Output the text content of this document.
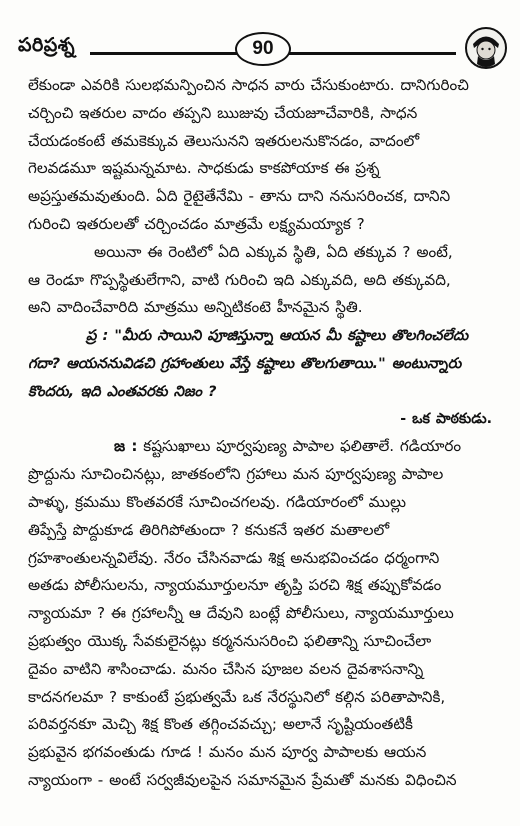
పరిప్రశ్న	90
లేకుండా ఎవరికి సులభమన్పించిన సాధన వారు చేసుకుంటారు. దానిగురించి
చర్చించి ఇతరుల వాదం తప్పని ఋజువు చేయజూచేవారికి, సాధన
చేయడంకంటే తమకెక్కువ తెలుసునని ఇతరులనుకొనడం, వాదంలో
గెలవడమూ ఇష్టమన్నమాట. సాధకుడు కాకపోయాక ఈ ప్రశ్న
అప్రస్తుతమవుతుంది. ఏది రైటైతేనేమి - తాను దాని ననుసరించక, దానిని
గురించి ఇతరులతో చర్చించడం మాత్రమే లక్ష్యమయ్యాక ?
అయినా ఈ రెంటిలో ఏది ఎక్కువ స్థితి, ఏది తక్కువ ? అంటే,
ఆ రెండూ గొప్పస్థితులేగాని, వాటి గురించి ఇది ఎక్కువది, అది తక్కువది,
అని వాదించేవారిది మాత్రము అన్నిటికంటె హీనమైన స్థితి.
ప్ర : "మీరు సాయిని పూజిస్తున్నా ఆయన మీ కష్టాలు తొలగించలేదు
గదా? ఆయననువిడచి గ్రహాంతులు వేస్తే కష్టాలు తొలగుతాయి." అంటున్నారు
కొందరు, ఇది ఎంతవరకు నిజం ?
- ఒక పాఠకుడు.
జ : కష్టసుఖాలు పూర్వపుణ్య పాపాల ఫలితాలే. గడియారం
ప్రొద్దును సూచించినట్లు, జాతకంలోని గ్రహాలు మన పూర్వపుణ్య పాపాల
పాళ్ళు, క్రమము కొంతవరకే సూచించగలవు. గడియారంలో ముల్లు
తిప్పేస్తే పొద్దుకూడ తిరిగిపోతుందా ? కనుకనే ఇతర మతాలలో
గ్రహశాంతులన్నవిలేవు. నేరం చేసినవాడు శిక్ష అనుభవించడం ధర్మంగాని
అతడు పోలీసులను, న్యాయమూర్తులనూ తృప్తి పరచి శిక్ష తప్పుకోవడం
న్యాయమా ? ఈ గ్రహాలన్నీ ఆ దేవుని బంట్లే పోలీసులు, న్యాయమూర్తులు
ప్రభుత్వం యొక్క సేవకులైనట్లు కర్మననుసరించి ఫలితాన్ని సూచించేలా
దైవం వాటిని శాసించాడు. మనం చేసిన పూజల వలన దైవశాసనాన్ని
కాదనగలమా ? కాకుంటే ప్రభుత్వమే ఒక నేరస్థునిలో కల్గిన పరితాపానికి,
పరివర్తనకూ మెచ్చి శిక్ష కొంత తగ్గించవచ్చు; అలానే సృష్టియంతటికీ
ప్రభువైన భగవంతుడు గూడ ! మనం మన పూర్వ పాపాలకు ఆయన
న్యాయంగా - అంటే సర్వజీవులపైన సమానమైన ప్రేమతో మనకు విధించిన
